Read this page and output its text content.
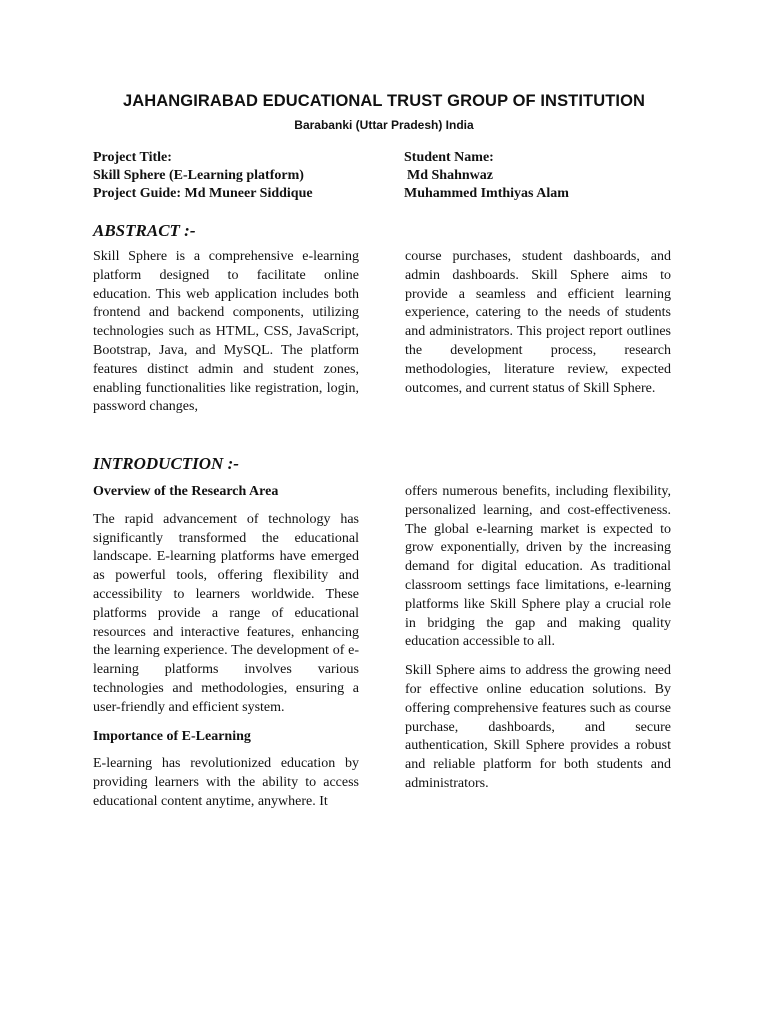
JAHANGIRABAD EDUCATIONAL TRUST GROUP OF INSTITUTION
Barabanki (Uttar Pradesh) India
Project Title:
Skill Sphere (E-Learning platform)
Project Guide: Md Muneer Siddique
Student Name:
Md Shahnwaz
Muhammed Imthiyas Alam
ABSTRACT :-

Skill Sphere is a comprehensive e-learning platform designed to facilitate online education. This web application includes both frontend and backend components, utilizing technologies such as HTML, CSS, JavaScript, Bootstrap, Java, and MySQL. The platform features distinct admin and student zones, enabling functionalities like registration, login, password changes,

course purchases, student dashboards, and admin dashboards. Skill Sphere aims to provide a seamless and efficient learning experience, catering to the needs of students and administrators. This project report outlines the development process, research methodologies, literature review, expected outcomes, and current status of Skill Sphere.

INTRODUCTION :-

Overview of the Research Area

The rapid advancement of technology has significantly transformed the educational landscape. E-learning platforms have emerged as powerful tools, offering flexibility and accessibility to learners worldwide. These platforms provide a range of educational resources and interactive features, enhancing the learning experience. The development of e-learning platforms involves various technologies and methodologies, ensuring a user-friendly and efficient system.

Importance of E-Learning

E-learning has revolutionized education by providing learners with the ability to access educational content anytime, anywhere. It

offers numerous benefits, including flexibility, personalized learning, and cost-effectiveness. The global e-learning market is expected to grow exponentially, driven by the increasing demand for digital education. As traditional classroom settings face limitations, e-learning platforms like Skill Sphere play a crucial role in bridging the gap and making quality education accessible to all.

Skill Sphere aims to address the growing need for effective online education solutions. By offering comprehensive features such as course purchase, dashboards, and secure authentication, Skill Sphere provides a robust and reliable platform for both students and administrators.
